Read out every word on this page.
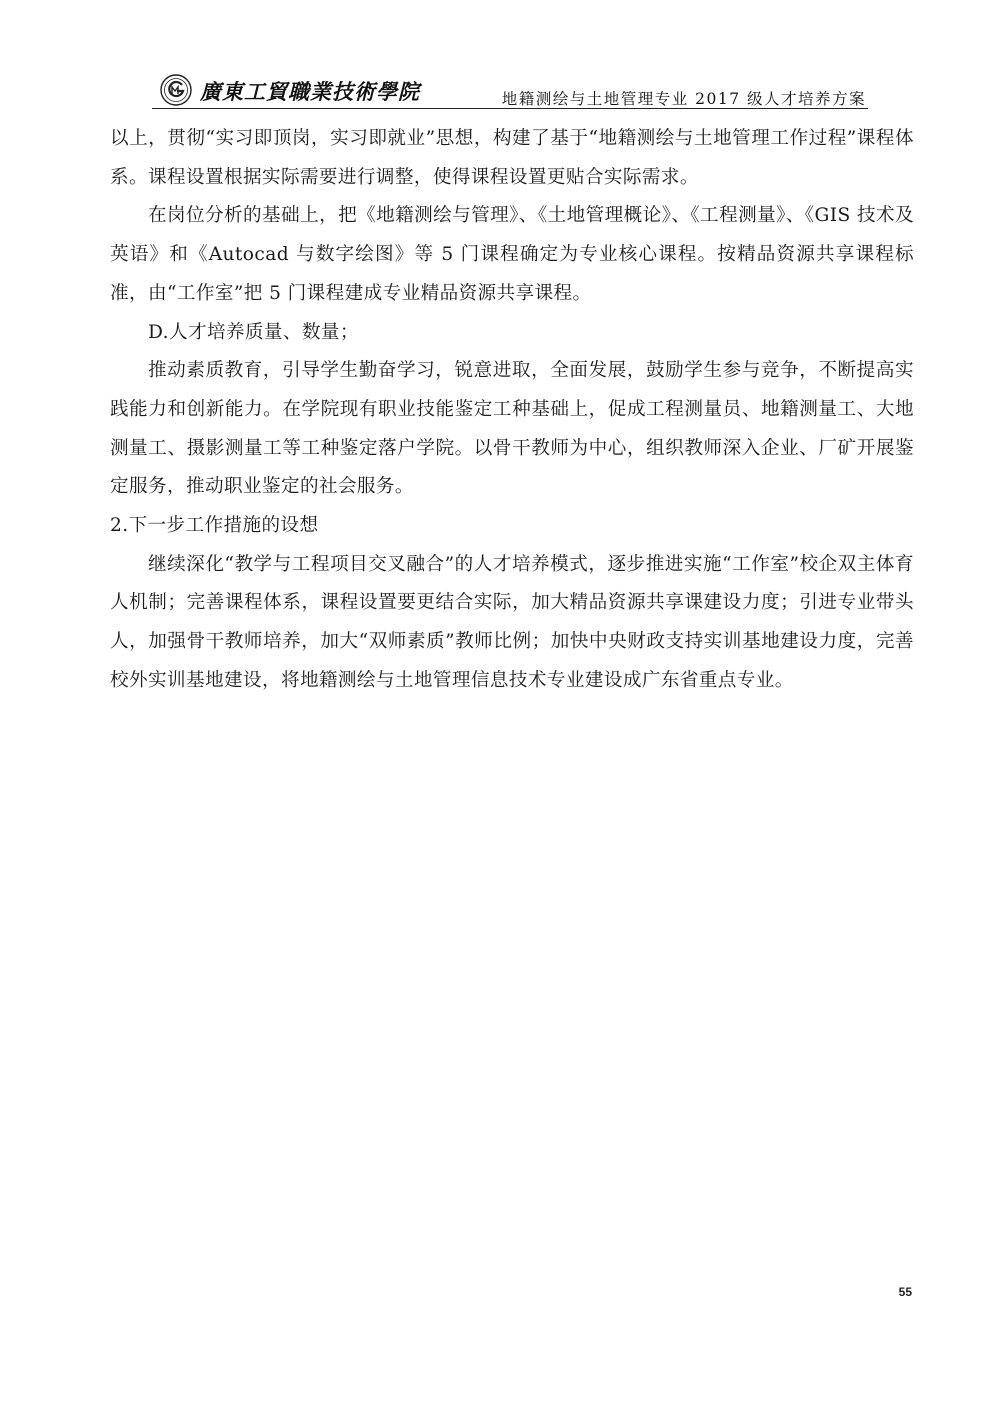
廣東工貿職業技術學院	地籍测绘与土地管理专业 2017 级人才培养方案

以上，贯彻“实习即顶岗，实习即就业”思想，构建了基于“地籍测绘与土地管理工作过程”课程体系。课程设置根据实际需要进行调整，使得课程设置更贴合实际需求。

在岗位分析的基础上，把《地籍测绘与管理》、《土地管理概论》、《工程测量》、《GIS 技术及英语》和《Autocad 与数字绘图》等 5 门课程确定为专业核心课程。按精品资源共享课程标准，由“工作室”把 5 门课程建成专业精品资源共享课程。

D.人才培养质量、数量；

推动素质教育，引导学生勤奋学习，锐意进取，全面发展，鼓励学生参与竞争，不断提高实践能力和创新能力。在学院现有职业技能鉴定工种基础上，促成工程测量员、地籍测量工、大地测量工、摄影测量工等工种鉴定落户学院。以骨干教师为中心，组织教师深入企业、厂矿开展鉴定服务，推动职业鉴定的社会服务。

2.下一步工作措施的设想

继续深化“教学与工程项目交叉融合”的人才培养模式，逐步推进实施“工作室”校企双主体育人机制；完善课程体系，课程设置要更结合实际，加大精品资源共享课建设力度；引进专业带头人，加强骨干教师培养，加大“双师素质”教师比例；加快中央财政支持实训基地建设力度，完善校外实训基地建设，将地籍测绘与土地管理信息技术专业建设成广东省重点专业。

55
